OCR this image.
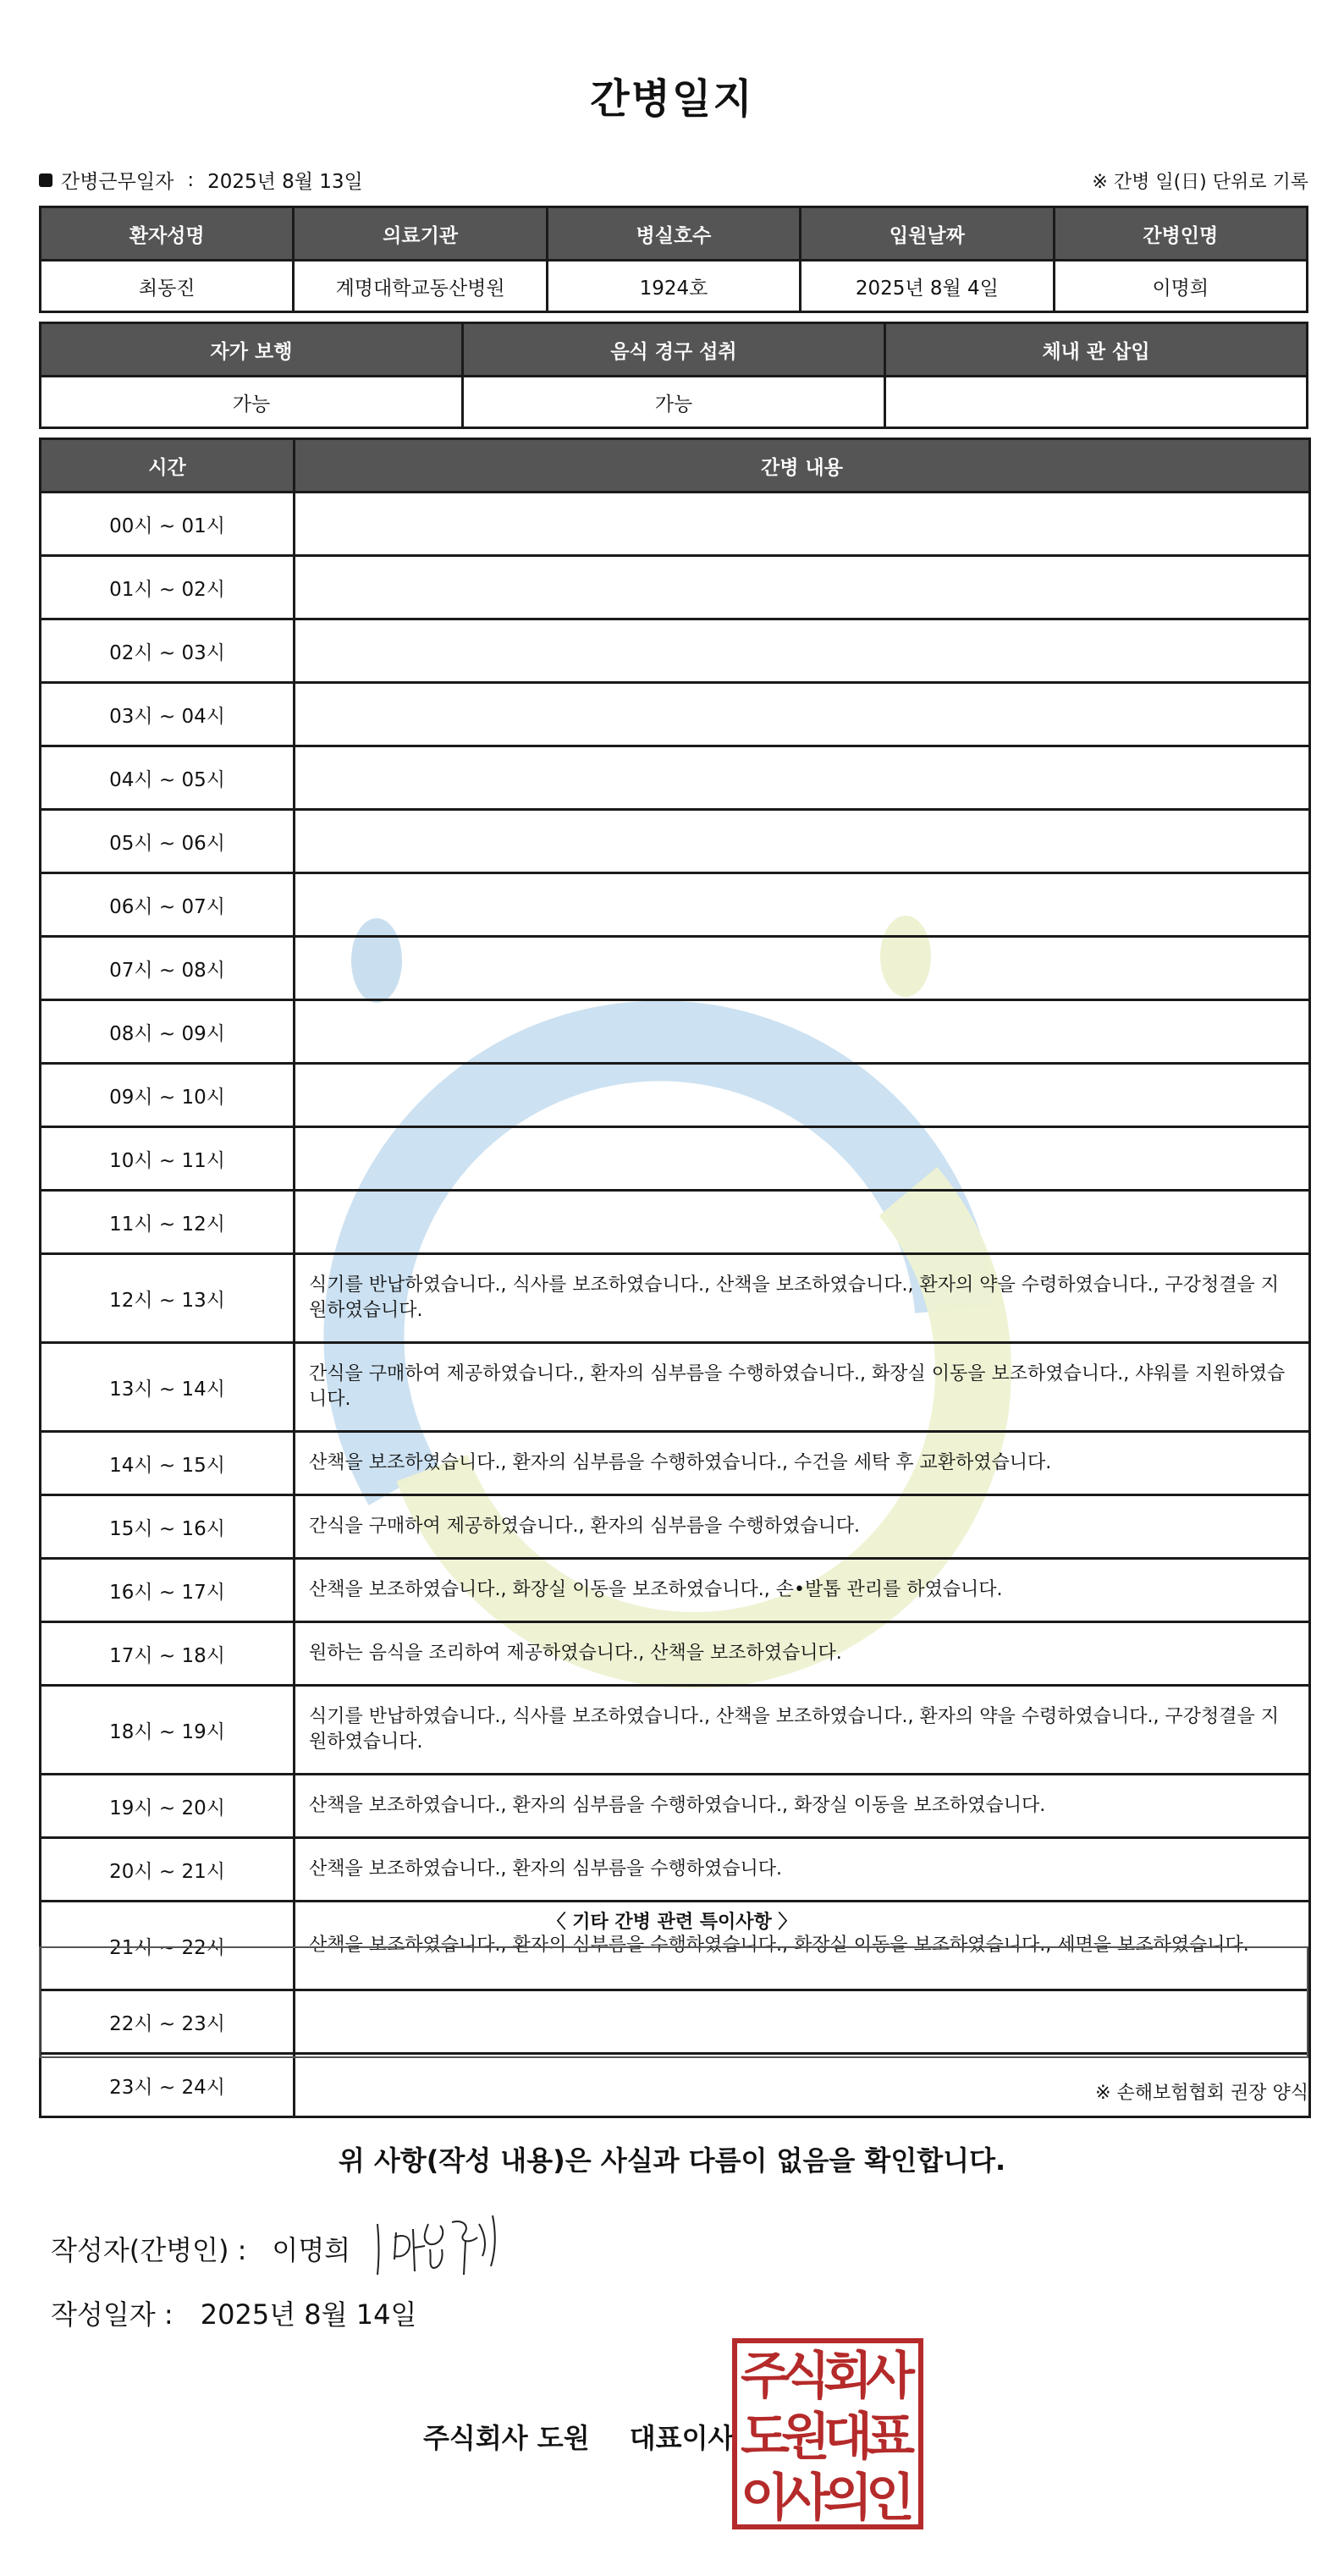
간병일지
간병근무일자 : 2025년 8월 13일	※ 간병 일(日) 단위로 기록
환자성명	의료기관	병실호수	입원날짜	간병인명
최동진	계명대학교동산병원	1924호	2025년 8월 4일	이명희
자가 보행	음식 경구 섭취	체내 관 삽입
가능	가능	
시간	간병 내용
00시 ~ 01시	
01시 ~ 02시	
02시 ~ 03시	
03시 ~ 04시	
04시 ~ 05시	
05시 ~ 06시	
06시 ~ 07시	
07시 ~ 08시	
08시 ~ 09시	
09시 ~ 10시	
10시 ~ 11시	
11시 ~ 12시	
12시 ~ 13시	식기를 반납하였습니다., 식사를 보조하였습니다., 산책을 보조하였습니다., 환자의 약을 수령하였습니다., 구강청결을 지원하였습니다.
13시 ~ 14시	간식을 구매하여 제공하였습니다., 환자의 심부름을 수행하였습니다., 화장실 이동을 보조하였습니다., 샤워를 지원하였습니다.
14시 ~ 15시	산책을 보조하였습니다., 환자의 심부름을 수행하였습니다., 수건을 세탁 후 교환하였습니다.
15시 ~ 16시	간식을 구매하여 제공하였습니다., 환자의 심부름을 수행하였습니다.
16시 ~ 17시	산책을 보조하였습니다., 화장실 이동을 보조하였습니다., 손•발톱 관리를 하였습니다.
17시 ~ 18시	원하는 음식을 조리하여 제공하였습니다., 산책을 보조하였습니다.
18시 ~ 19시	식기를 반납하였습니다., 식사를 보조하였습니다., 산책을 보조하였습니다., 환자의 약을 수령하였습니다., 구강청결을 지원하였습니다.
19시 ~ 20시	산책을 보조하였습니다., 환자의 심부름을 수행하였습니다., 화장실 이동을 보조하였습니다.
20시 ~ 21시	산책을 보조하였습니다., 환자의 심부름을 수행하였습니다.
21시 ~ 22시	산책을 보조하였습니다., 환자의 심부름을 수행하였습니다., 화장실 이동을 보조하였습니다., 세면을 보조하였습니다.
22시 ~ 23시	
23시 ~ 24시	
〈 기타 간병 관련 특이사항 〉
※ 손해보험협회 권장 양식
위 사항(작성 내용)은 사실과 다름이 없음을 확인합니다.
작성자(간병인) : 이명희
작성일자 : 2025년 8월 14일
주식회사 도원 대표이사
주
식
회
사
도
원
대
표
이
사
의
인
